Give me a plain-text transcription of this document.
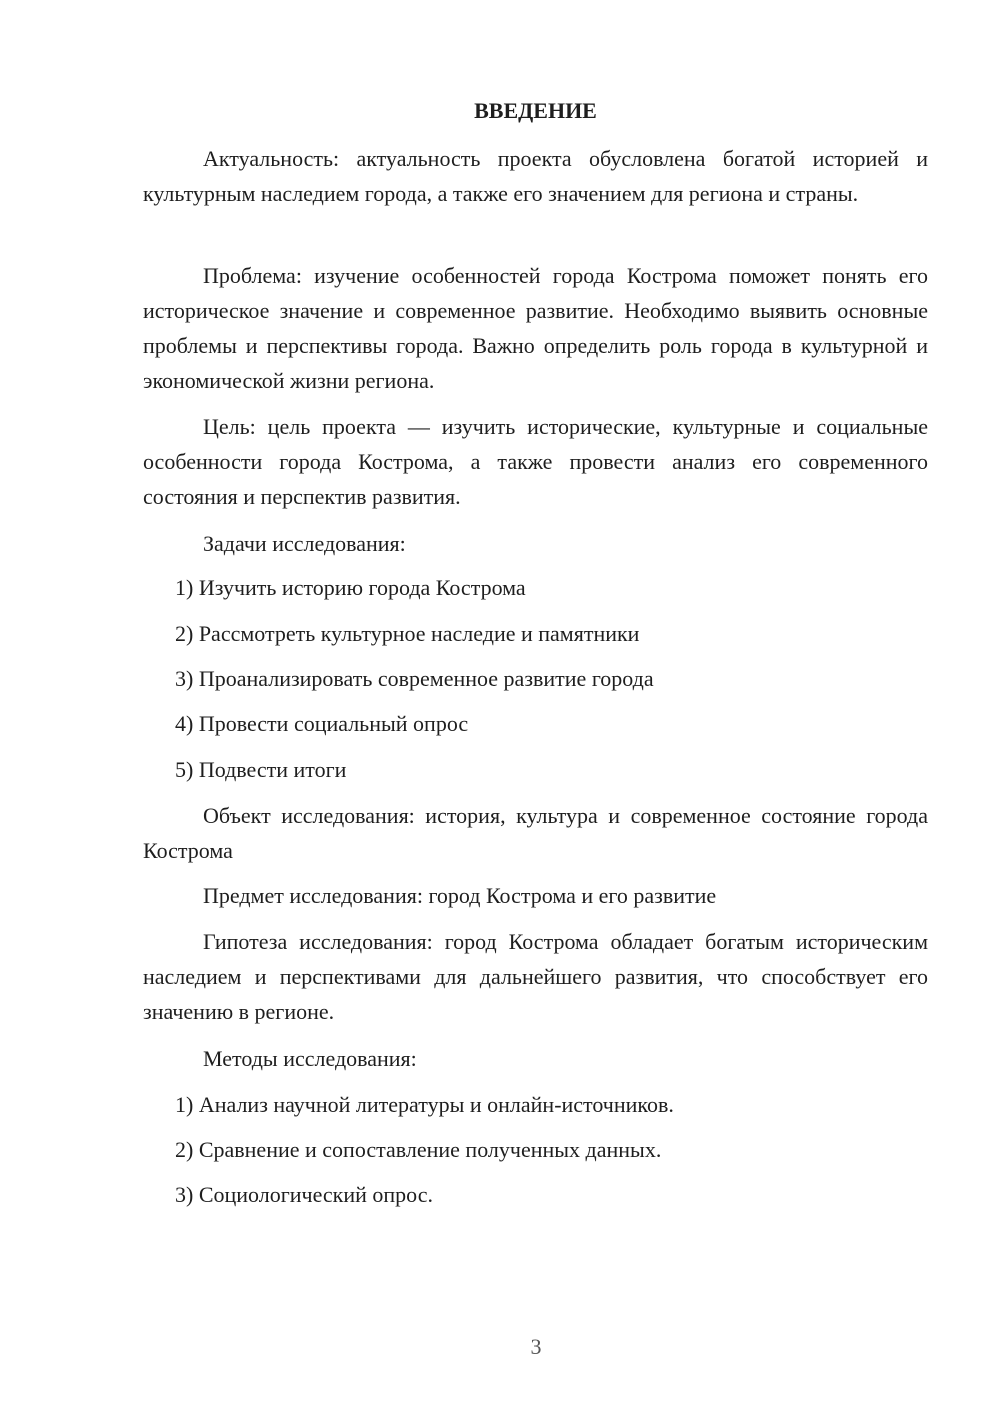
ВВЕДЕНИЕ

Актуальность: актуальность проекта обусловлена богатой историей и культурным наследием города, а также его значением для региона и страны.

Проблема: изучение особенностей города Кострома поможет понять его историческое значение и современное развитие. Необходимо выявить основные проблемы и перспективы города. Важно определить роль города в культурной и экономической жизни региона.

Цель: цель проекта — изучить исторические, культурные и социальные особенности города Кострома, а также провести анализ его современного состояния и перспектив развития.

Задачи исследования:

1) Изучить историю города Кострома

2) Рассмотреть культурное наследие и памятники

3) Проанализировать современное развитие города

4) Провести социальный опрос

5) Подвести итоги

Объект исследования: история, культура и современное состояние города Кострома

Предмет исследования: город Кострома и его развитие

Гипотеза исследования: город Кострома обладает богатым историческим наследием и перспективами для дальнейшего развития, что способствует его значению в регионе.

Методы исследования:

1) Анализ научной литературы и онлайн-источников.

2) Сравнение и сопоставление полученных данных.

3) Социологический опрос.

3
